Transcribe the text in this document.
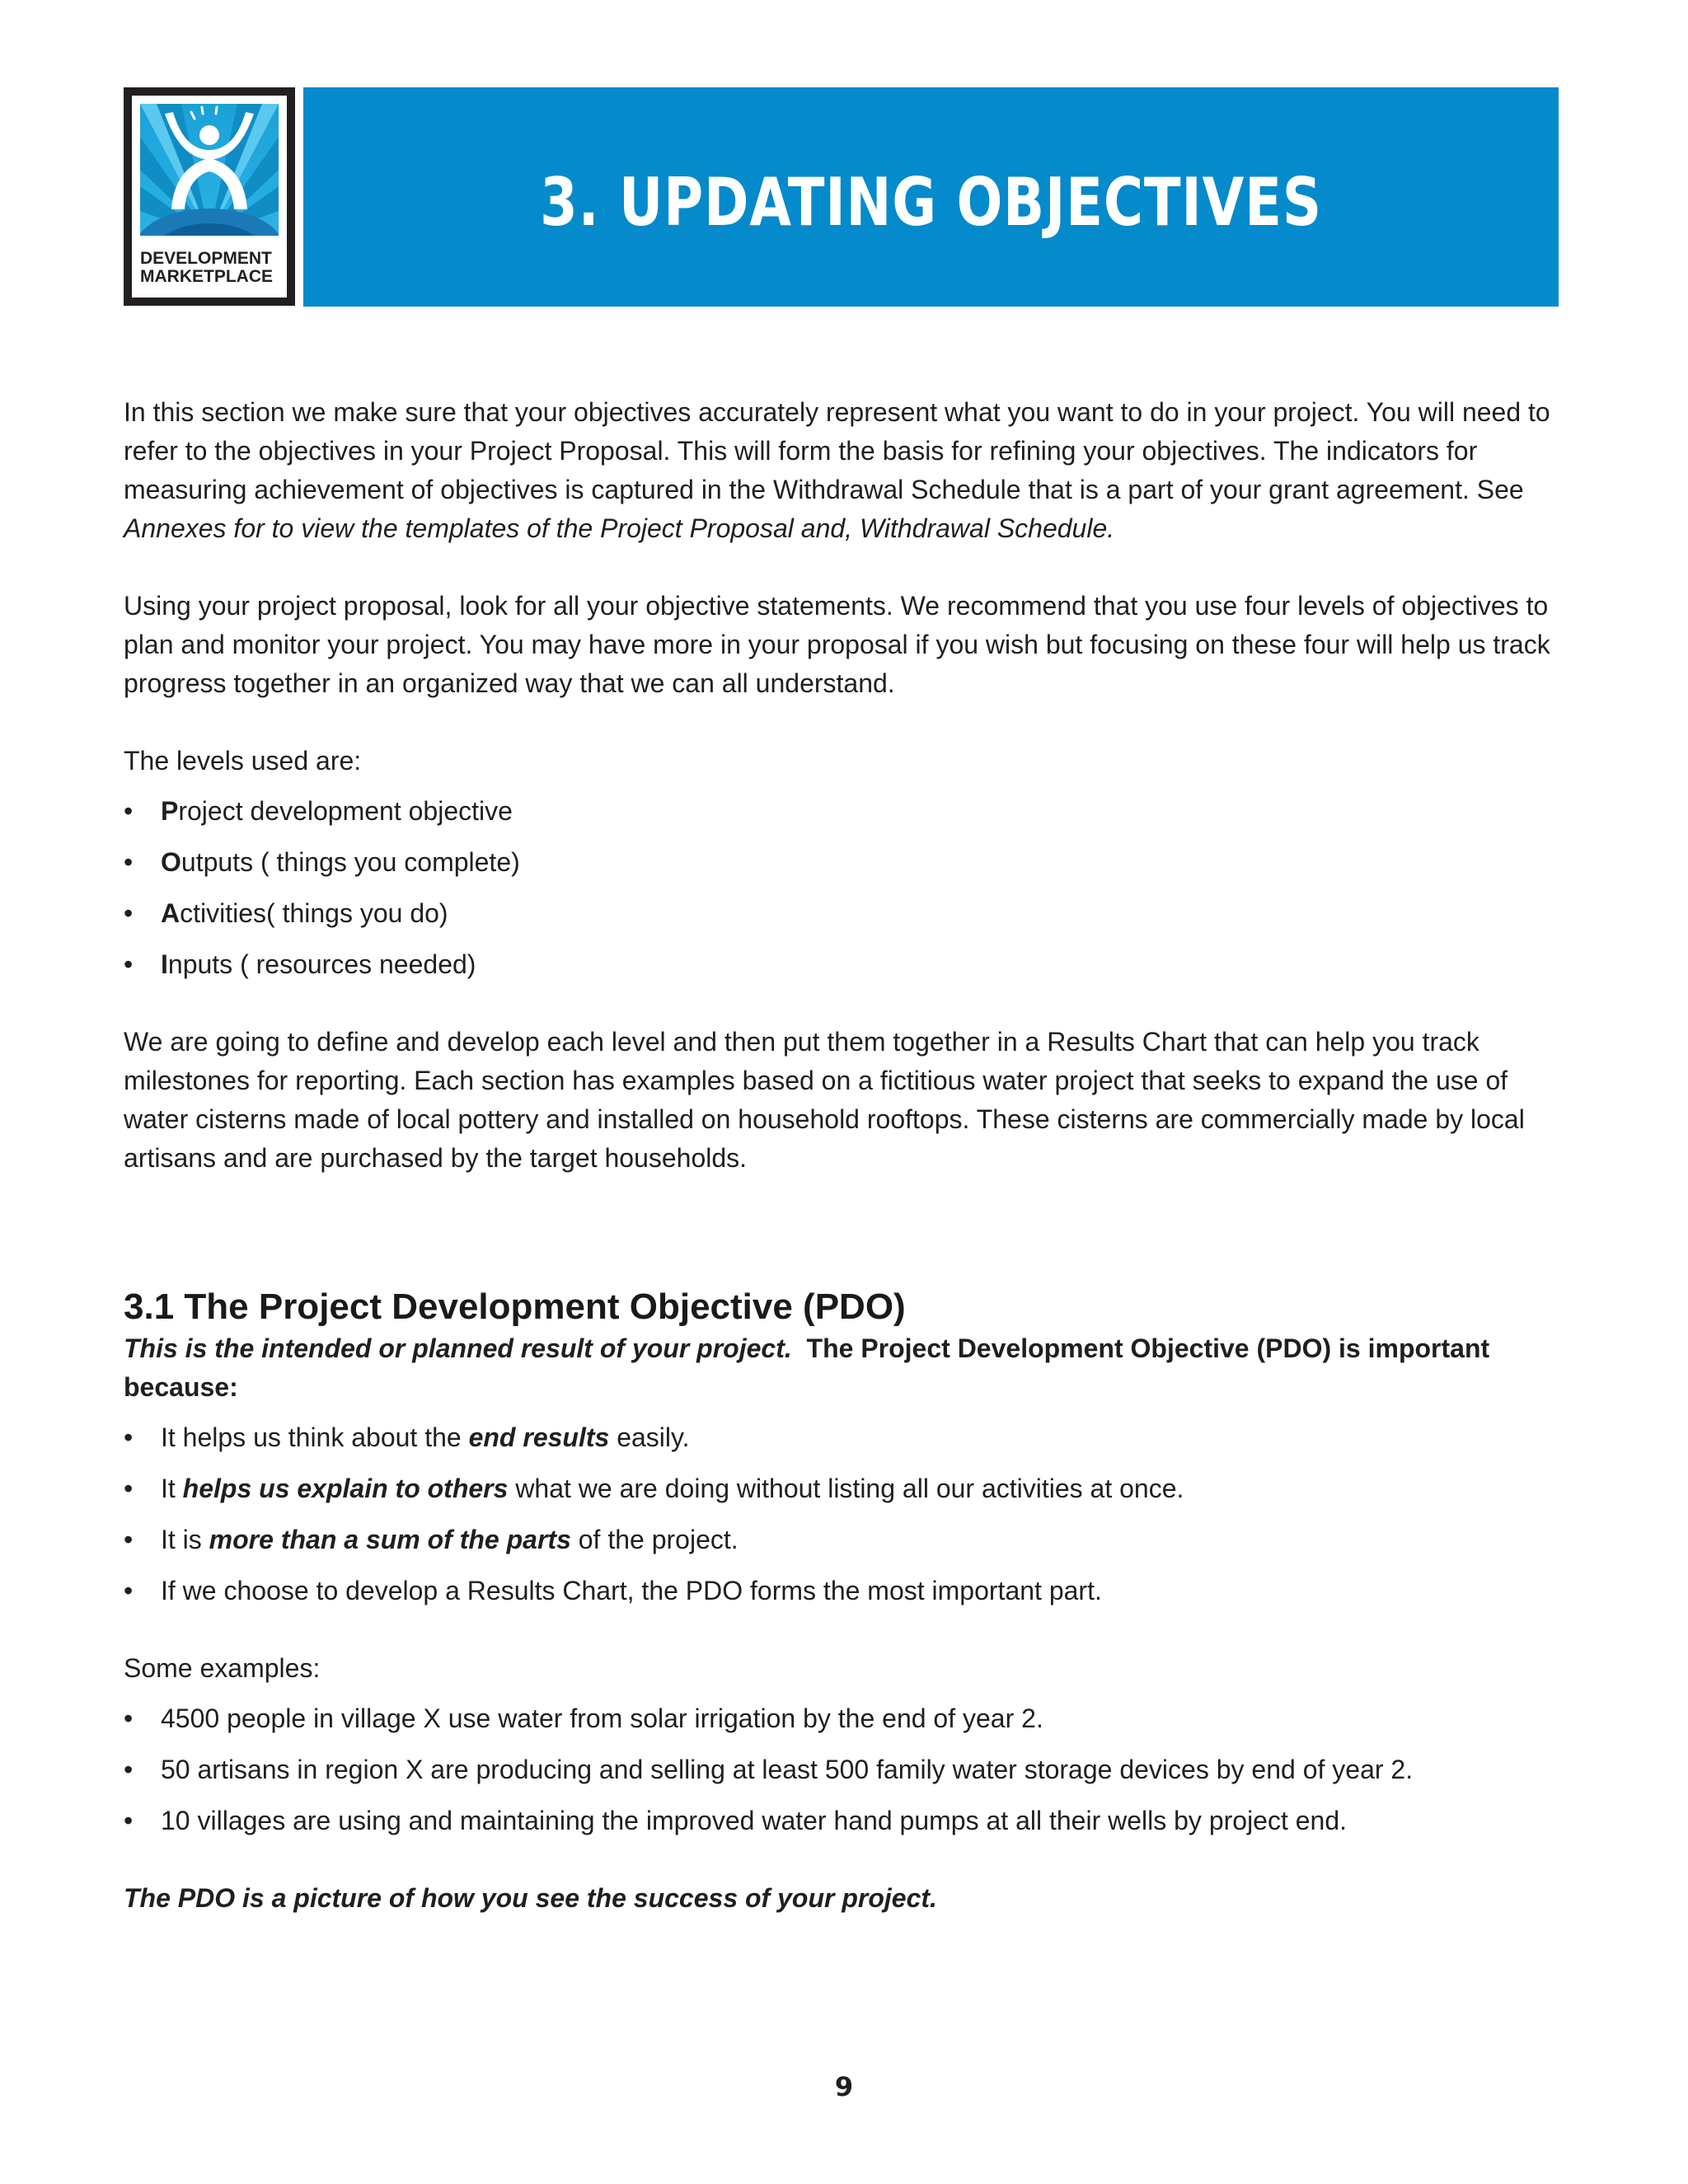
DEVELOPMENT
MARKETPLACE
3. UPDATING OBJECTIVES

In this section we make sure that your objectives accurately represent what you want to do in your project. You will need to refer to the objectives in your Project Proposal. This will form the basis for refining your objectives. The indicators for measuring achievement of objectives is captured in the Withdrawal Schedule that is a part of your grant agreement. See Annexes for to view the templates of the Project Proposal and, Withdrawal Schedule.

Using your project proposal, look for all your objective statements. We recommend that you use four levels of objectives to plan and monitor your project. You may have more in your proposal if you wish but focusing on these four will help us track progress together in an organized way that we can all understand.

The levels used are:

• Project development objective
• Outputs ( things you complete)
• Activities( things you do)
• Inputs ( resources needed)

We are going to define and develop each level and then put them together in a Results Chart that can help you track milestones for reporting. Each section has examples based on a fictitious water project that seeks to expand the use of water cisterns made of local pottery and installed on household rooftops. These cisterns are commercially made by local artisans and are purchased by the target households.

3.1 The Project Development Objective (PDO)

This is the intended or planned result of your project. The Project Development Objective (PDO) is important because:

• It helps us think about the end results easily.
• It helps us explain to others what we are doing without listing all our activities at once.
• It is more than a sum of the parts of the project.
• If we choose to develop a Results Chart, the PDO forms the most important part.

Some examples:

• 4500 people in village X use water from solar irrigation by the end of year 2.
• 50 artisans in region X are producing and selling at least 500 family water storage devices by end of year 2.
• 10 villages are using and maintaining the improved water hand pumps at all their wells by project end.

The PDO is a picture of how you see the success of your project.

9
